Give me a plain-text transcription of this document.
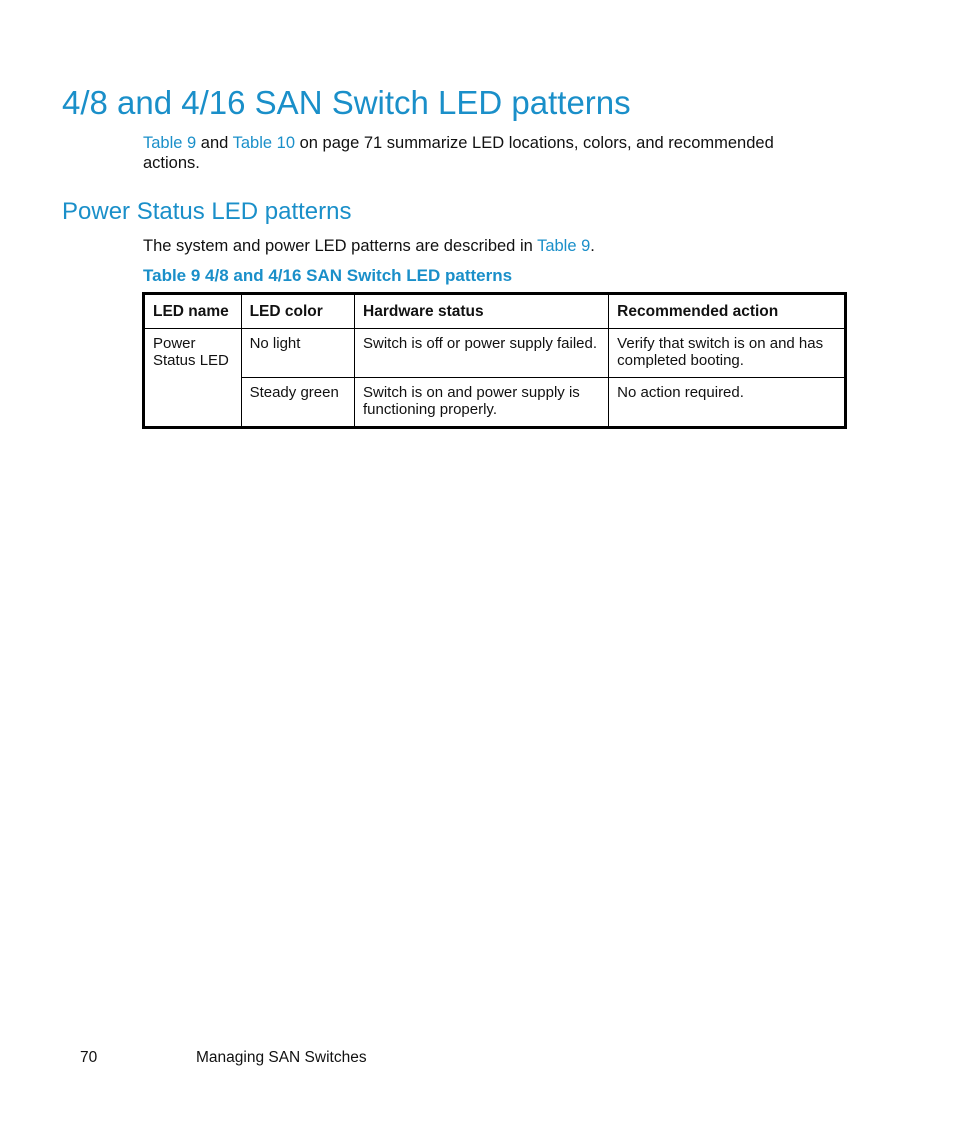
4/8 and 4/16 SAN Switch LED patterns

Table 9 and Table 10 on page 71 summarize LED locations, colors, and recommended actions.

Power Status LED patterns

The system and power LED patterns are described in Table 9.

Table 9 4/8 and 4/16 SAN Switch LED patterns

LED name	LED color	Hardware status	Recommended action
Power Status LED	No light	Switch is off or power supply failed.	Verify that switch is on and has completed booting.
	Steady green	Switch is on and power supply is functioning properly.	No action required.

70	Managing SAN Switches
